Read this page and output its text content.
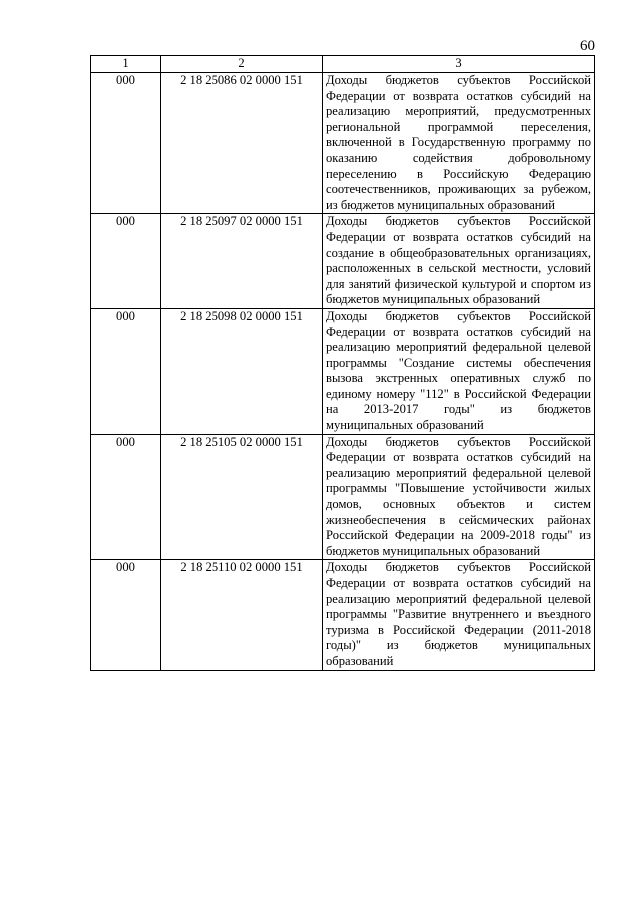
60
1	2	3
000	2 18 25086 02 0000 151	Доходы бюджетов субъектов Российской Федерации от возврата остатков субсидий на реализацию мероприятий, предусмотренных региональной программой переселения, включенной в Государственную программу по оказанию содействия добровольному переселению в Российскую Федерацию соотечественников, проживающих за рубежом, из бюджетов муниципальных образований
000	2 18 25097 02 0000 151	Доходы бюджетов субъектов Российской Федерации от возврата остатков субсидий на создание в общеобразовательных организациях, расположенных в сельской местности, условий для занятий физической культурой и спортом из бюджетов муниципальных образований
000	2 18 25098 02 0000 151	Доходы бюджетов субъектов Российской Федерации от возврата остатков субсидий на реализацию мероприятий федеральной целевой программы "Создание системы обеспечения вызова экстренных оперативных служб по единому номеру "112" в Российской Федерации на 2013-2017 годы" из бюджетов муниципальных образований
000	2 18 25105 02 0000 151	Доходы бюджетов субъектов Российской Федерации от возврата остатков субсидий на реализацию мероприятий федеральной целевой программы "Повышение устойчивости жилых домов, основных объектов и систем жизнеобеспечения в сейсмических районах Российской Федерации на 2009-2018 годы" из бюджетов муниципальных образований
000	2 18 25110 02 0000 151	Доходы бюджетов субъектов Российской Федерации от возврата остатков субсидий на реализацию мероприятий федеральной целевой программы "Развитие внутреннего и въездного туризма в Российской Федерации (2011-2018 годы)" из бюджетов муниципальных образований
